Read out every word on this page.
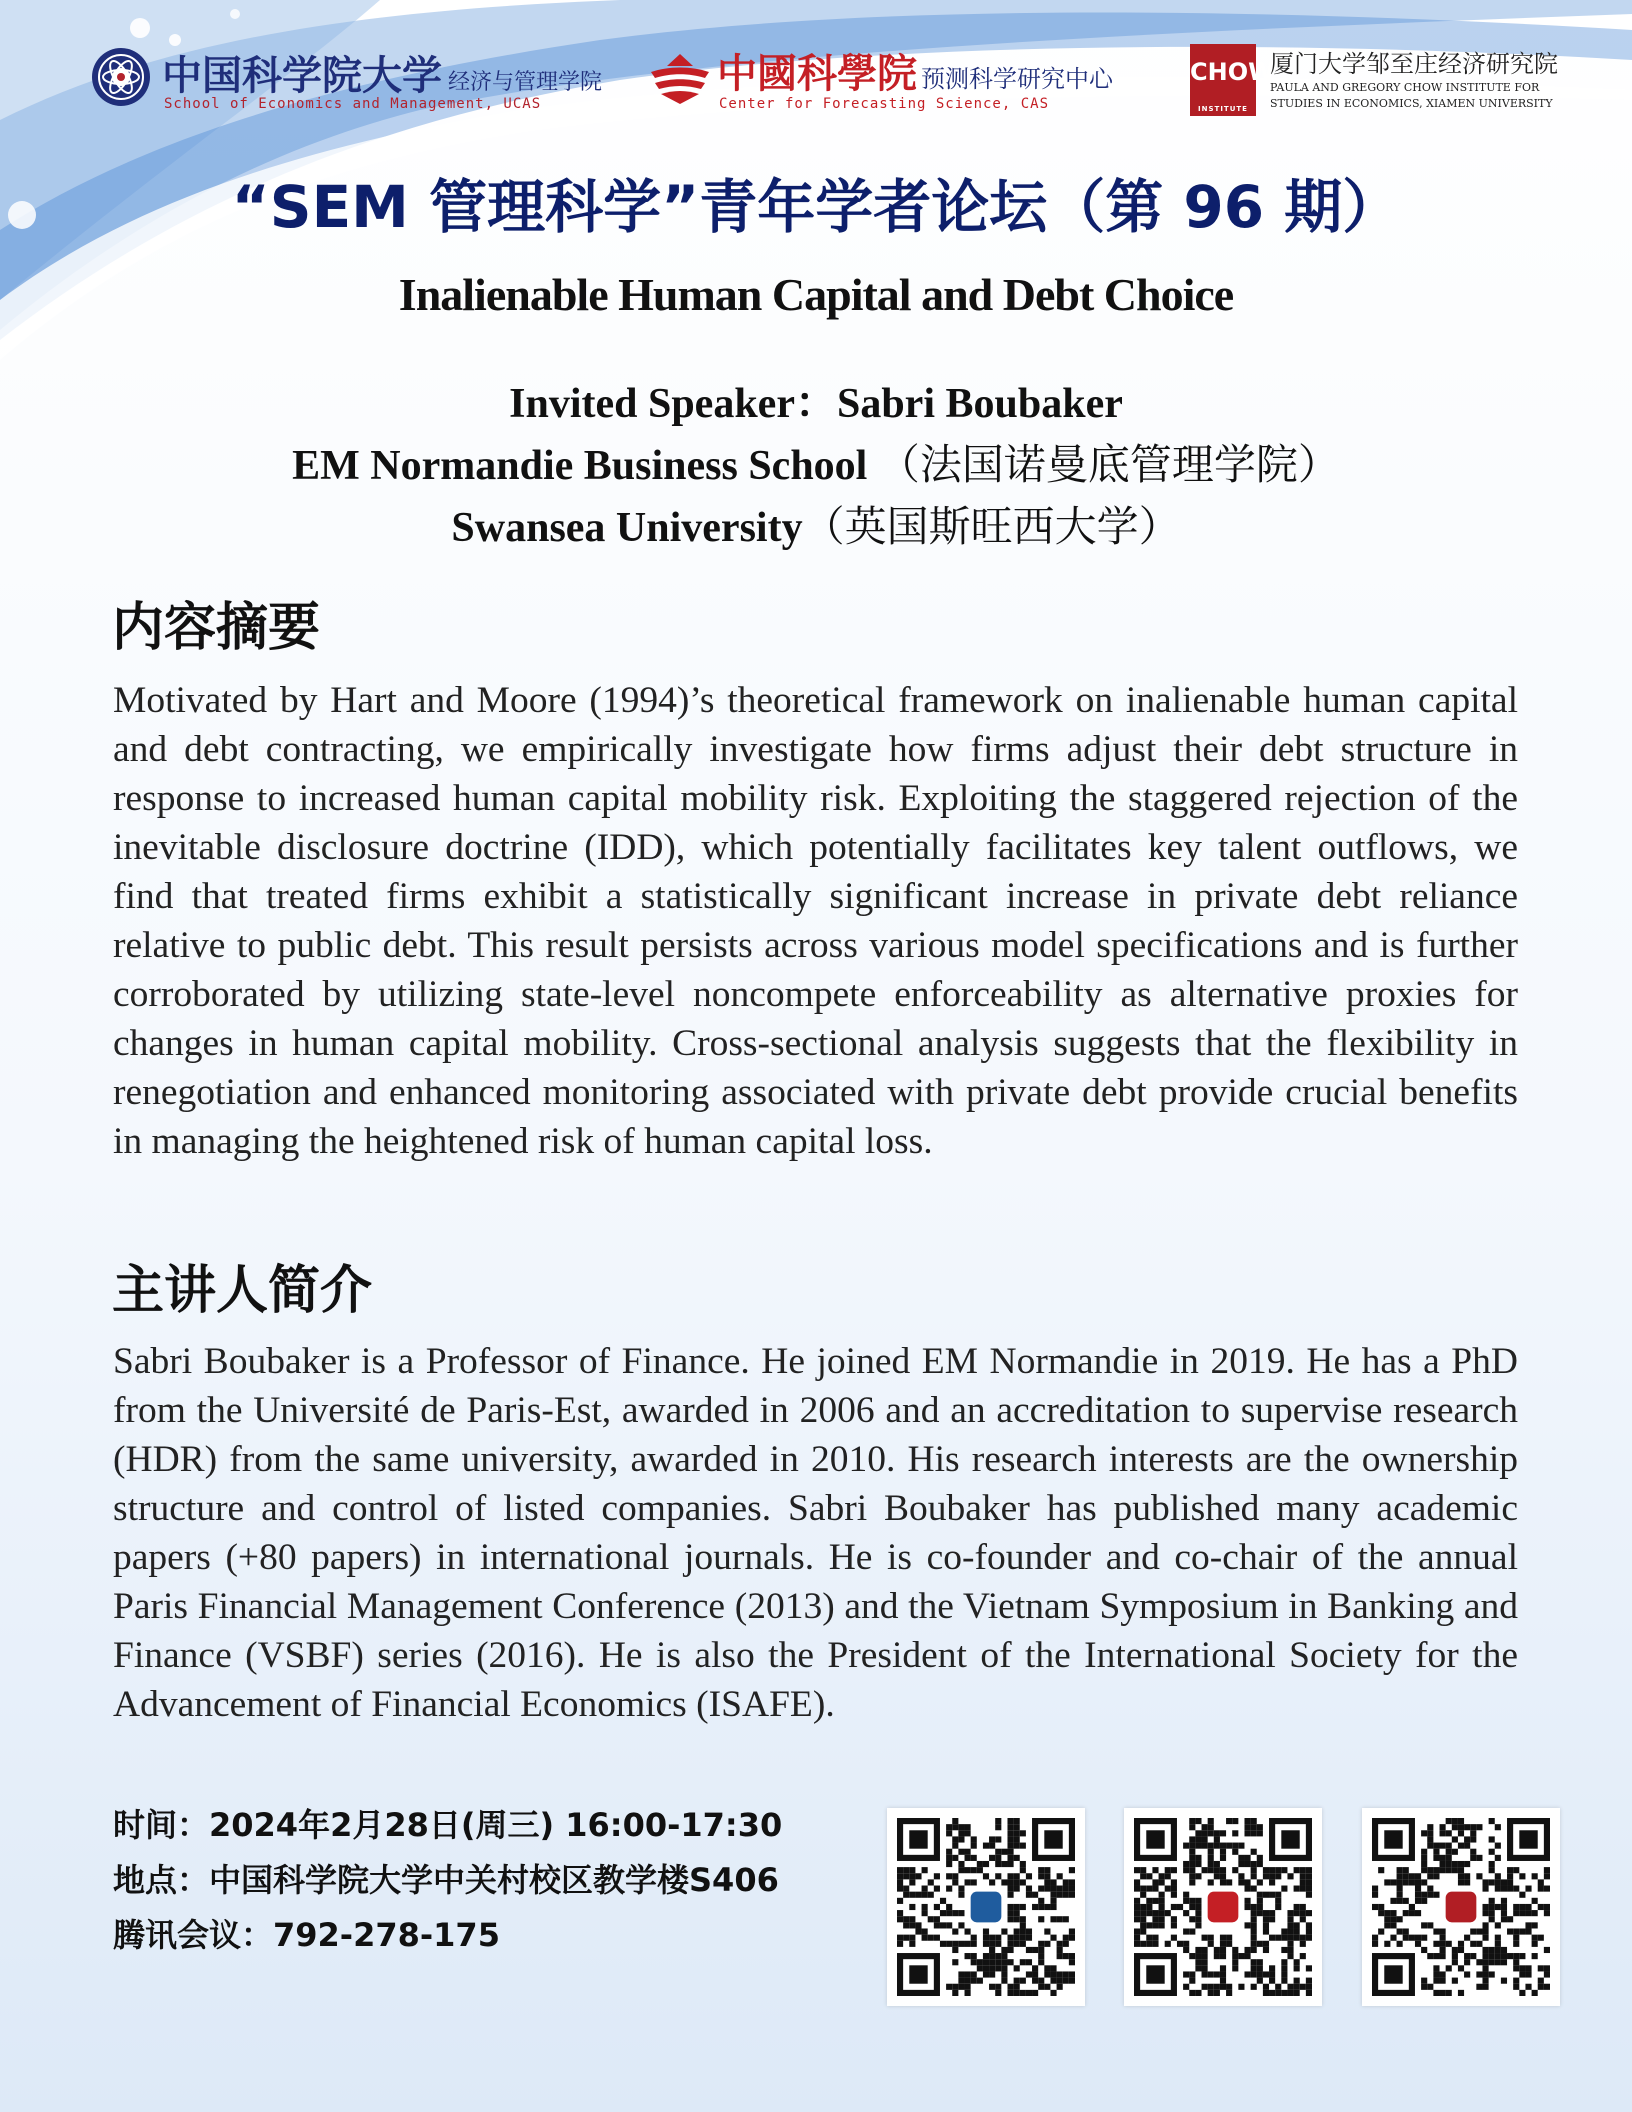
中国科学院大学 经济与管理学院
School of Economics and Management, UCAS
中國科學院 预测科学研究中心
Center for Forecasting Science, CAS
CHOW
INSTITUTE
厦门大学邹至庄经济研究院
PAULA AND GREGORY CHOW INSTITUTE FOR STUDIES IN ECONOMICS, XIAMEN UNIVERSITY
“SEM 管理科学”青年学者论坛（第 96 期）
Inalienable Human Capital and Debt Choice
Invited Speaker：Sabri Boubaker
EM Normandie Business School （法国诺曼底管理学院）
Swansea University（英国斯旺西大学）
内容摘要
Motivated by Hart and Moore (1994)’s theoretical framework on inalienable human capital and debt contracting, we empirically investigate how firms adjust their debt structure in response to increased human capital mobility risk. Exploiting the staggered rejection of the inevitable disclosure doctrine (IDD), which potentially facilitates key talent outflows, we find that treated firms exhibit a statistically significant increase in private debt reliance relative to public debt. This result persists across various model specifications and is further corroborated by utilizing state-level noncompete enforceability as alternative proxies for changes in human capital mobility. Cross-sectional analysis suggests that the flexibility in renegotiation and enhanced monitoring associated with private debt provide crucial benefits in managing the heightened risk of human capital loss.
主讲人简介
Sabri Boubaker is a Professor of Finance. He joined EM Normandie in 2019. He has a PhD from the Université de Paris-Est, awarded in 2006 and an accreditation to supervise research (HDR) from the same university, awarded in 2010. His research interests are the ownership structure and control of listed companies. Sabri Boubaker has published many academic papers (+80 papers) in international journals. He is co-founder and co-chair of the annual Paris Financial Management Conference (2013) and the Vietnam Symposium in Banking and Finance (VSBF) series (2016). He is also the President of the International Society for the Advancement of Financial Economics (ISAFE).
时间：2024年2月28日(周三) 16:00-17:30
地点：中国科学院大学中关村校区教学楼S406
腾讯会议：792-278-175
